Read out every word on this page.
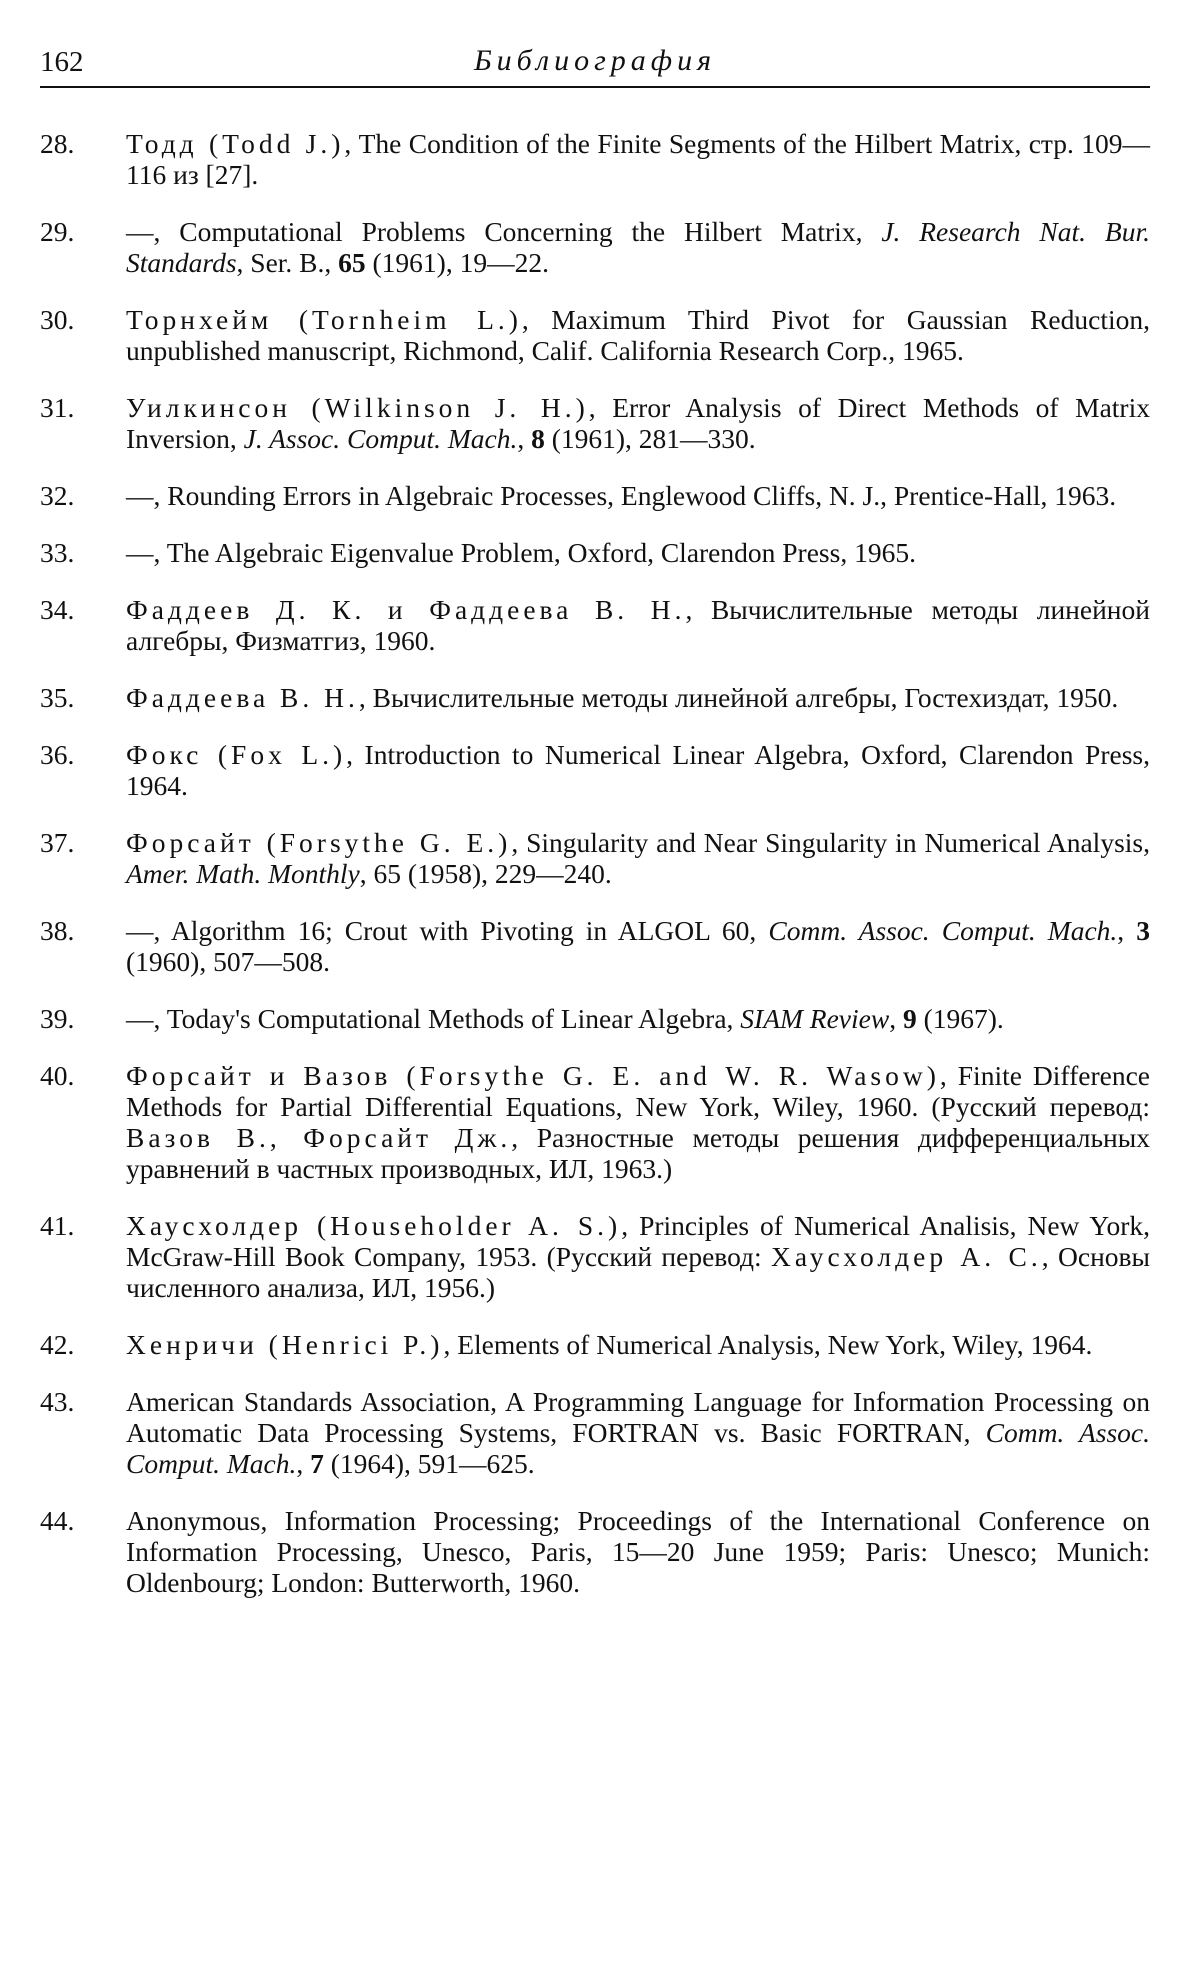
162	Библиография
28.	Тодд (Todd J.), The Condition of the Finite Segments of the Hilbert Matrix, стр. 109—116 из [27].
29.	—, Computational Problems Concerning the Hilbert Matrix, J. Research Nat. Bur. Standards, Ser. B., 65 (1961), 19—22.
30.	Торнхейм (Tornheim L.), Maximum Third Pivot for Gaussian Reduction, unpublished manuscript, Richmond, Calif. California Research Corp., 1965.
31.	Уилкинсон (Wilkinson J. H.), Error Analysis of Direct Methods of Matrix Inversion, J. Assoc. Comput. Mach., 8 (1961), 281—330.
32.	—, Rounding Errors in Algebraic Processes, Englewood Cliffs, N. J., Prentice-Hall, 1963.
33.	—, The Algebraic Eigenvalue Problem, Oxford, Clarendon Press, 1965.
34.	Фаддеев Д. К. и Фаддеева В. Н., Вычислительные методы линейной алгебры, Физматгиз, 1960.
35.	Фаддеева В. Н., Вычислительные методы линейной алгебры, Гостехиздат, 1950.
36.	Фокс (Fox L.), Introduction to Numerical Linear Algebra, Oxford, Clarendon Press, 1964.
37.	Форсайт (Forsythe G. E.), Singularity and Near Singularity in Numerical Analysis, Amer. Math. Monthly, 65 (1958), 229—240.
38.	—, Algorithm 16; Crout with Pivoting in ALGOL 60, Comm. Assoc. Comput. Mach., 3 (1960), 507—508.
39.	—, Today's Computational Methods of Linear Algebra, SIAM Review, 9 (1967).
40.	Форсайт и Вазов (Forsythe G. E. and W. R. Wasow), Finite Difference Methods for Partial Differential Equations, New York, Wiley, 1960. (Русский перевод: Вазов В., Форсайт Дж., Разностные методы решения дифференциальных уравнений в частных производных, ИЛ, 1963.)
41.	Хаусхолдер (Householder A. S.), Principles of Numerical Analisis, New York, McGraw-Hill Book Company, 1953. (Русский перевод: Хаусхолдер А. С., Основы численного анализа, ИЛ, 1956.)
42.	Хенричи (Henrici P.), Elements of Numerical Analysis, New York, Wiley, 1964.
43.	American Standards Association, A Programming Language for Information Processing on Automatic Data Processing Systems, FORTRAN vs. Basic FORTRAN, Comm. Assoc. Comput. Mach., 7 (1964), 591—625.
44.	Anonymous, Information Processing; Proceedings of the International Conference on Information Processing, Unesco, Paris, 15—20 June 1959; Paris: Unesco; Munich: Oldenbourg; London: Butterworth, 1960.
